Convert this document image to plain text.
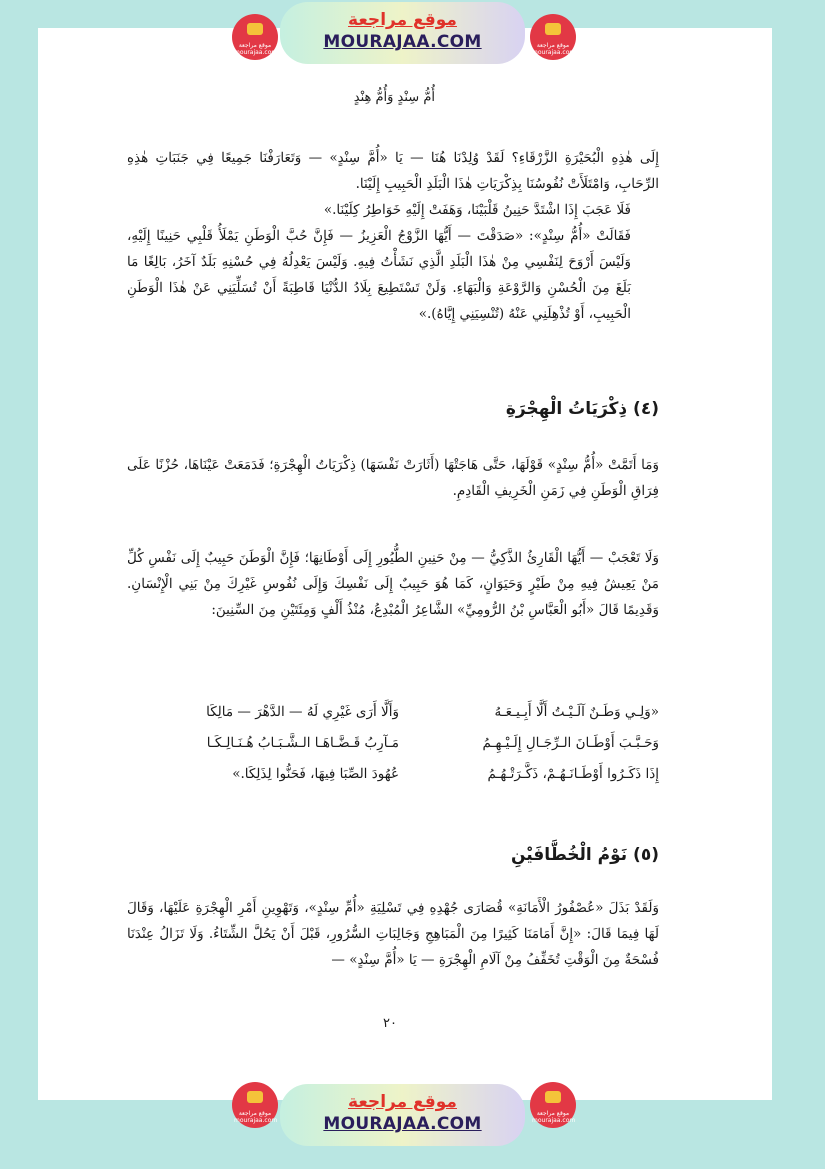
موقع مراجعة mourajaa.com
موقع مراجعة
MOURAJAA.COM	موقع مراجعة mourajaa.com
أُمُّ سِنْدٍ وَأُمُّ هِنْدٍ

إِلَى هٰذِهِ الْبُحَيْرَةِ الزَّرْقَاءِ؟ لَقَدْ وُلِدْنَا هُنَا — يَا «أُمَّ سِنْدٍ» — وَتَعَارَفْنَا جَمِيعًا فِي جَنَبَاتِ هٰذِهِ الرِّحَابِ، وَامْتَلَأَتْ نُفُوسُنَا بِذِكْرَيَاتِ هٰذَا الْبَلَدِ الْحَبِيبِ إِلَيْنَا.

فَلَا عَجَبَ إِذَا اشْتَدَّ حَنِينُ قَلْبَيْنَا، وَهَفَتْ إِلَيْهِ خَوَاطِرُ كِلَيْنَا.»

فَقَالَتْ «أُمُّ سِنْدٍ»: «صَدَقْتَ — أَيُّهَا الزَّوْجُ الْعَزِيزُ — فَإِنَّ حُبَّ الْوَطَنِ يَمْلَأُ قَلْبِي حَنِينًا إِلَيْهِ، وَلَيْسَ أَرْوَحَ لِنَفْسِي مِنْ هٰذَا الْبَلَدِ الَّذِي نَشَأْتُ فِيهِ. وَلَيْسَ يَعْدِلُهُ فِي حُسْنِهِ بَلَدٌ آخَرُ، بَالِغًا مَا بَلَغَ مِنَ الْحُسْنِ وَالرَّوْعَةِ وَالْبَهَاءِ. وَلَنْ تَسْتَطِيعَ بِلَادُ الدُّنْيَا قَاطِبَةً أَنْ تُسَلِّيَنِي عَنْ هٰذَا الْوَطَنِ الْحَبِيبِ، أَوْ تُذْهِلَنِي عَنْهُ (تُنْسِيَنِي إِيَّاهُ).»

(٤) ذِكْرَيَاتُ الْهِجْرَةِ

وَمَا أَتَمَّتْ «أُمُّ سِنْدٍ» قَوْلَهَا، حَتَّى هَاجَتْهَا (أَثَارَتْ نَفْسَهَا) ذِكْرَيَاتُ الْهِجْرَةِ؛ فَدَمَعَتْ عَيْنَاهَا، حُزْنًا عَلَى فِرَاقِ الْوَطَنِ فِي زَمَنِ الْخَرِيفِ الْقَادِمِ.

وَلَا تَعْجَبْ — أَيُّهَا الْقَارِئُ الذَّكِيُّ — مِنْ حَنِينِ الطُّيُورِ إِلَى أَوْطَانِهَا؛ فَإِنَّ الْوَطَنَ حَبِيبٌ إِلَى نَفْسِ كُلِّ مَنْ يَعِيشُ فِيهِ مِنْ طَيْرٍ وَحَيَوَانٍ، كَمَا هُوَ حَبِيبٌ إِلَى نَفْسِكَ وَإِلَى نُفُوسِ غَيْرِكَ مِنْ بَنِي الْإِنْسَانِ. وَقَدِيمًا قَالَ «أَبُو الْعَبَّاسِ بْنُ الرُّومِيِّ» الشَّاعِرُ الْمُبْدِعُ، مُنْذُ أَلْفٍ وَمِئَتَيْنِ مِنَ السِّنِينَ:

«وَلِـي وَطَـنٌ آلَـيْـتُ أَلَّا أَبِـيـعَـهُ
وَأَلَّا أَرَى غَيْرِي لَهُ — الدَّهْرَ — مَالِكَا
وَحَـبَّـبَ أَوْطَـانَ الـرِّجَـالِ إِلَـيْـهِـمُ
مَـآرِبُ قَـضَّـاهَـا الـشَّـبَـابُ هُـنَـالِـكَـا
إِذَا ذَكَـرُوا أَوْطَـانَـهُـمْ، ذَكَّـرَتْـهُـمُ
عُهُودَ الصِّبَا فِيهَا، فَحَنُّوا لِذَلِكَا.»
(٥) نَوْمُ الْخُطَّافَيْنِ

وَلَقَدْ بَذَلَ «عُصْفُورُ الْأَمَانَةِ» قُصَارَى جُهْدِهِ فِي تَسْلِيَةِ «أُمِّ سِنْدٍ»، وَتَهْوِينِ أَمْرِ الْهِجْرَةِ عَلَيْهَا، وَقَالَ لَهَا فِيمَا قَالَ: «إِنَّ أَمَامَنَا كَثِيرًا مِنَ الْمَبَاهِجِ وَجَالِبَاتِ السُّرُورِ، قَبْلَ أَنْ يَحُلَّ الشِّتَاءُ. وَلَا تَزَالُ عِنْدَنَا فُسْحَةٌ مِنَ الْوَقْتِ تُخَفِّفُ مِنْ آلَامِ الْهِجْرَةِ — يَا «أُمَّ سِنْدٍ» —

٢٠
موقع مراجعة mourajaa.com
موقع مراجعة
MOURAJAA.COM
موقع مراجعة mourajaa.com
